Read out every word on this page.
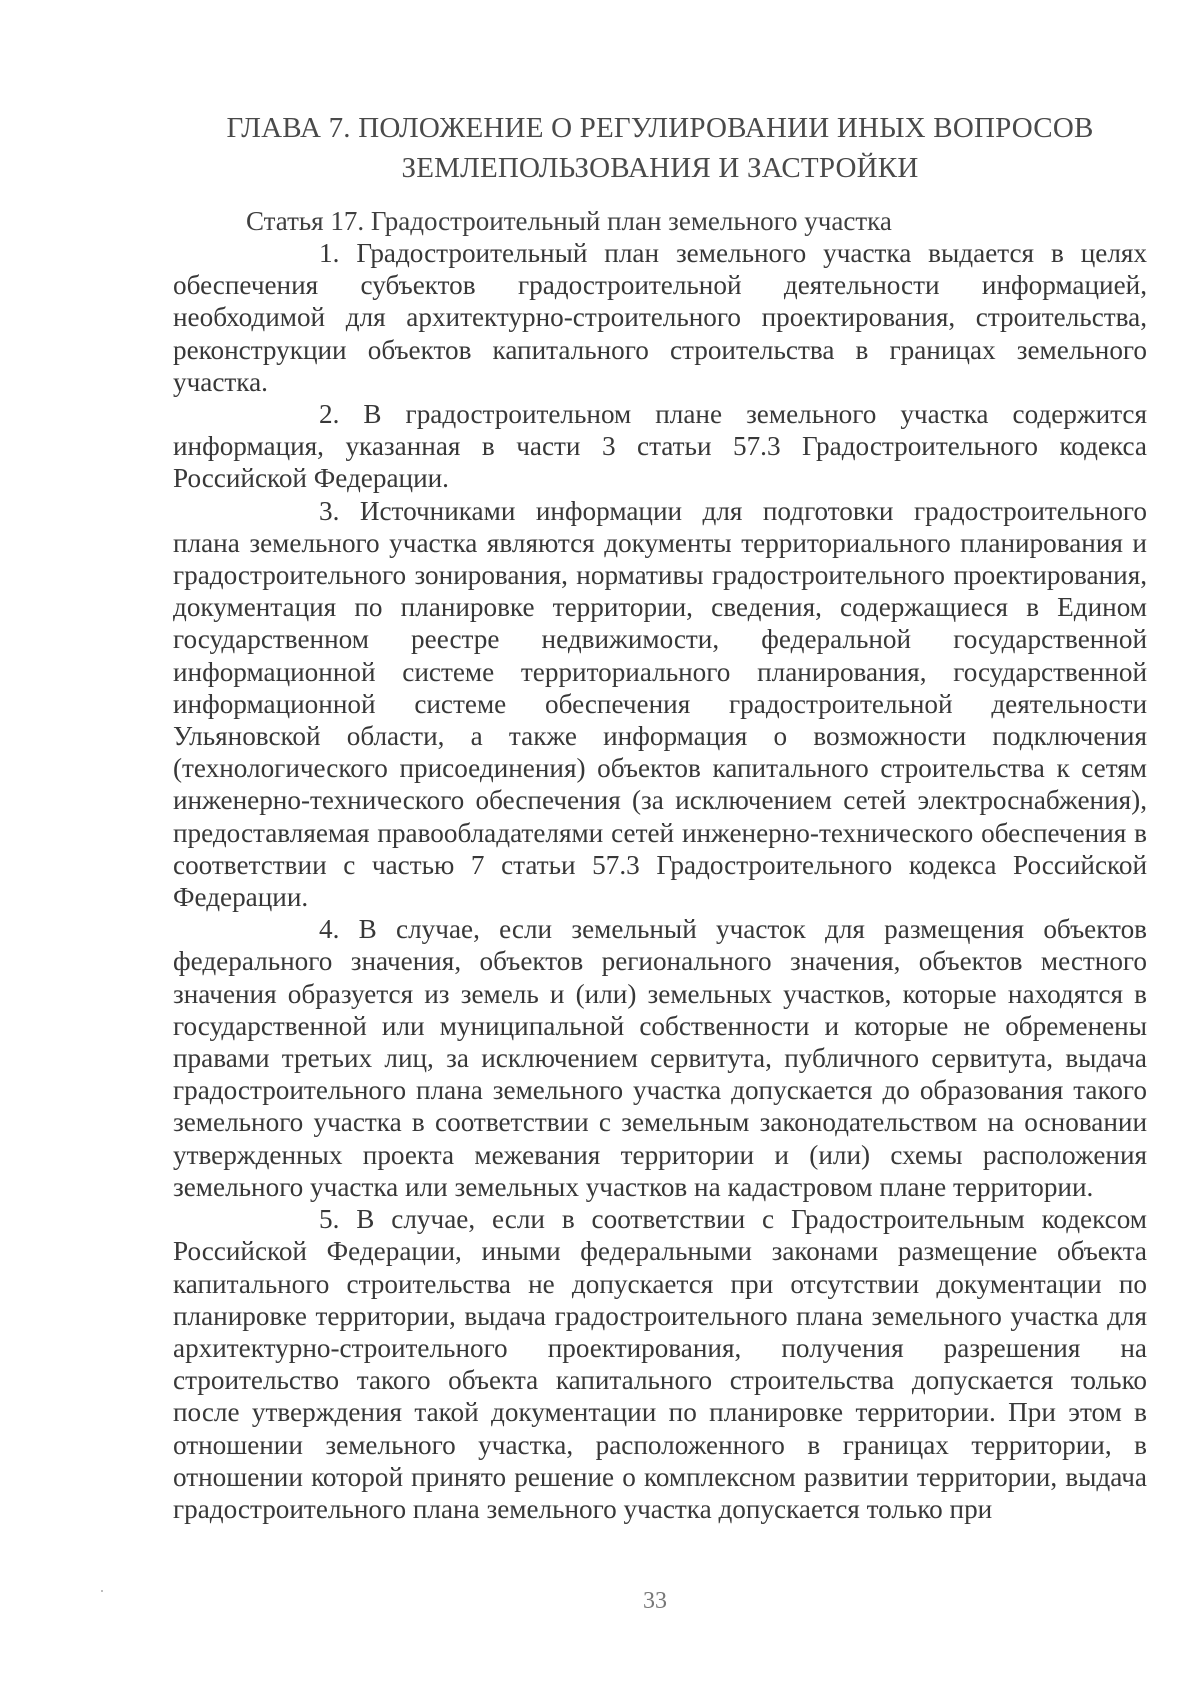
ГЛАВА 7. ПОЛОЖЕНИЕ О РЕГУЛИРОВАНИИ ИНЫХ ВОПРОСОВ ЗЕМЛЕПОЛЬЗОВАНИЯ И ЗАСТРОЙКИ
Статья 17. Градостроительный план земельного участка

1. Градостроительный план земельного участка выдается в целях обеспечения субъектов градостроительной деятельности информацией, необходимой для архитектурно-строительного проектирования, строительства, реконструкции объектов капитального строительства в границах земельного участка.

2. В градостроительном плане земельного участка содержится информация, указанная в части 3 статьи 57.3 Градостроительного кодекса Российской Федерации.

3. Источниками информации для подготовки градостроительного плана земельного участка являются документы территориального планирования и градостроительного зонирования, нормативы градостроительного проектирования, документация по планировке территории, сведения, содержащиеся в Едином государственном реестре недвижимости, федеральной государственной информационной системе территориального планирования, государственной информационной системе обеспечения градостроительной деятельности Ульяновской области, а также информация о возможности подключения (технологического присоединения) объектов капитального строительства к сетям инженерно-технического обеспечения (за исключением сетей электроснабжения), предоставляемая правообладателями сетей инженерно-технического обеспечения в соответствии с частью 7 статьи 57.3 Градостроительного кодекса Российской Федерации.

4. В случае, если земельный участок для размещения объектов федерального значения, объектов регионального значения, объектов местного значения образуется из земель и (или) земельных участков, которые находятся в государственной или муниципальной собственности и которые не обременены правами третьих лиц, за исключением сервитута, публичного сервитута, выдача градостроительного плана земельного участка допускается до образования такого земельного участка в соответствии с земельным законодательством на основании утвержденных проекта межевания территории и (или) схемы расположения земельного участка или земельных участков на кадастровом плане территории.

5. В случае, если в соответствии с Градостроительным кодексом Российской Федерации, иными федеральными законами размещение объекта капитального строительства не допускается при отсутствии документации по планировке территории, выдача градостроительного плана земельного участка для архитектурно-строительного проектирования, получения разрешения на строительство такого объекта капитального строительства допускается только после утверждения такой документации по планировке территории. При этом в отношении земельного участка, расположенного в границах территории, в отношении которой принято решение о комплексном развитии территории, выдача градостроительного плана земельного участка допускается только при

33
